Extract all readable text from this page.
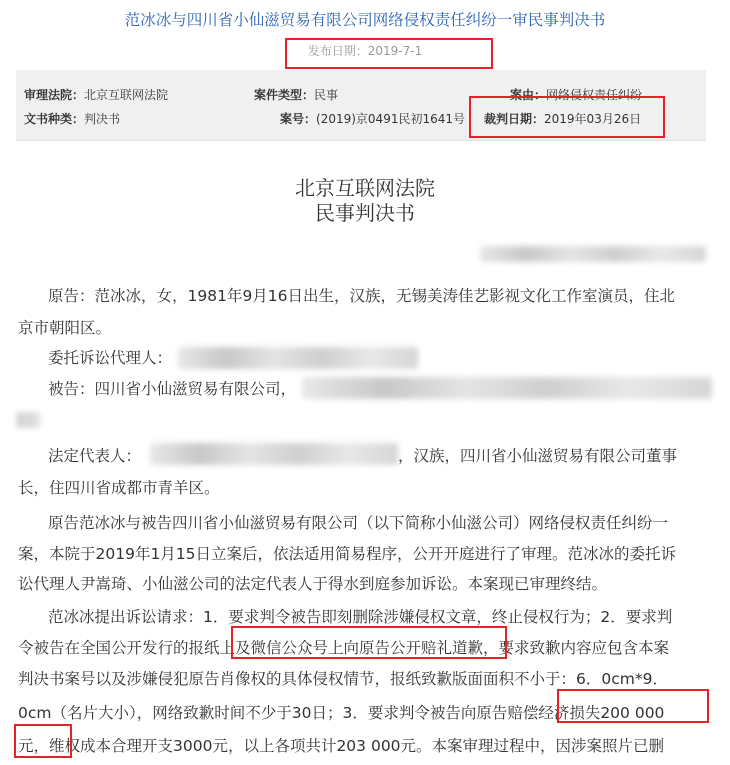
范冰冰与四川省小仙滋贸易有限公司网络侵权责任纠纷一审民事判决书
发布日期：2019-7-1
审理法院：北京互联网法院	案件类型：民事	案由：网络侵权责任纠纷
文书种类：判决书	案号：(2019)京0491民初1641号 裁判日期：2019年03月26日
北京互联网法院
民事判决书
原告：范冰冰，女，1981年9月16日出生，汉族，无锡美涛佳艺影视文化工作室演员，住北
京市朝阳区。
委托诉讼代理人：
被告：四川省小仙滋贸易有限公司，
法定代表人：	，汉族，四川省小仙滋贸易有限公司董事
长，住四川省成都市青羊区。
原告范冰冰与被告四川省小仙滋贸易有限公司（以下简称小仙滋公司）网络侵权责任纠纷一
案，本院于2019年1月15日立案后，依法适用简易程序，公开开庭进行了审理。范冰冰的委托诉
讼代理人尹嵩琦、小仙滋公司的法定代表人于得水到庭参加诉讼。本案现已审理终结。
范冰冰提出诉讼请求：1．要求判令被告即刻删除涉嫌侵权文章，终止侵权行为；2．要求判
令被告在全国公开发行的报纸上及微信公众号上向原告公开赔礼道歉，要求致歉内容应包含本案
判决书案号以及涉嫌侵犯原告肖像权的具体侵权情节，报纸致歉版面面积不小于：6．0cm*9．
0cm（名片大小），网络致歉时间不少于30日；3．要求判令被告向原告赔偿经济损失200 000
元，维权成本合理开支3000元，以上各项共计203 000元。本案审理过程中，因涉案照片已删
